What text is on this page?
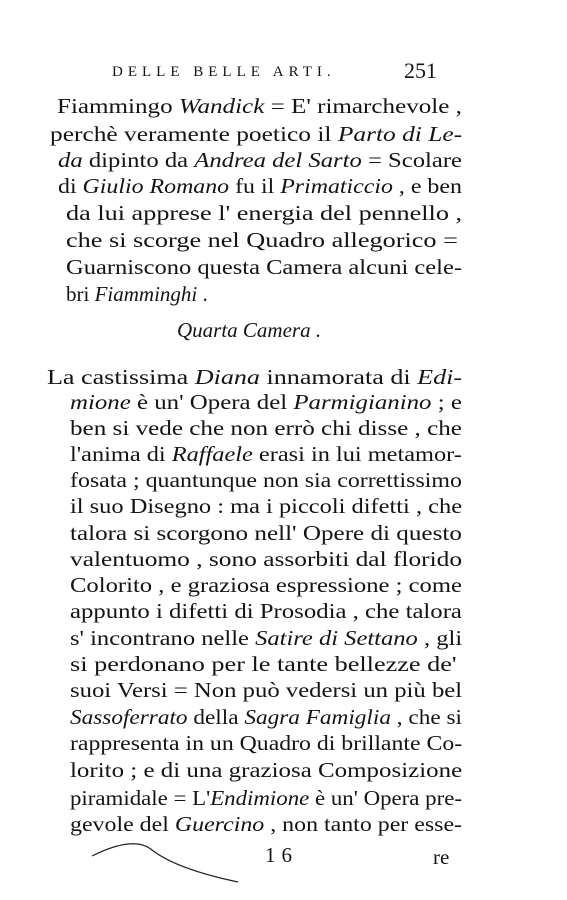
DELLE BELLE ARTI.	251
Fiammingo Wandick = E' rimarchevole ,
perchè veramente poetico il Parto di Le-
da dipinto da Andrea del Sarto = Scolare
di Giulio Romano fu il Primaticcio , e ben
da lui apprese l' energia del pennello ,
che si scorge nel Quadro allegorico =
Guarniscono questa Camera alcuni cele-
bri Fiamminghi .
Quarta Camera .
La castissima Diana innamorata di Edi-
mione è un' Opera del Parmigianino ; e
ben si vede che non errò chi disse , che
l'anima di Raffaele erasi in lui metamor-
fosata ; quantunque non sia correttissimo
il suo Disegno : ma i piccoli difetti , che
talora si scorgono nell' Opere di questo
valentuomo , sono assorbiti dal florido
Colorito , e graziosa espressione ; come
appunto i difetti di Prosodia , che talora
s' incontrano nelle Satire di Settano , gli
si perdonano per le tante bellezze de'
suoi Versi = Non può vedersi un più bel
Sassoferrato della Sagra Famiglia , che si
rappresenta in un Quadro di brillante Co-
lorito ; e di una graziosa Composizione
piramidale = L'Endimione è un' Opera pre-
gevole del Guercino , non tanto per esse-
16	re
